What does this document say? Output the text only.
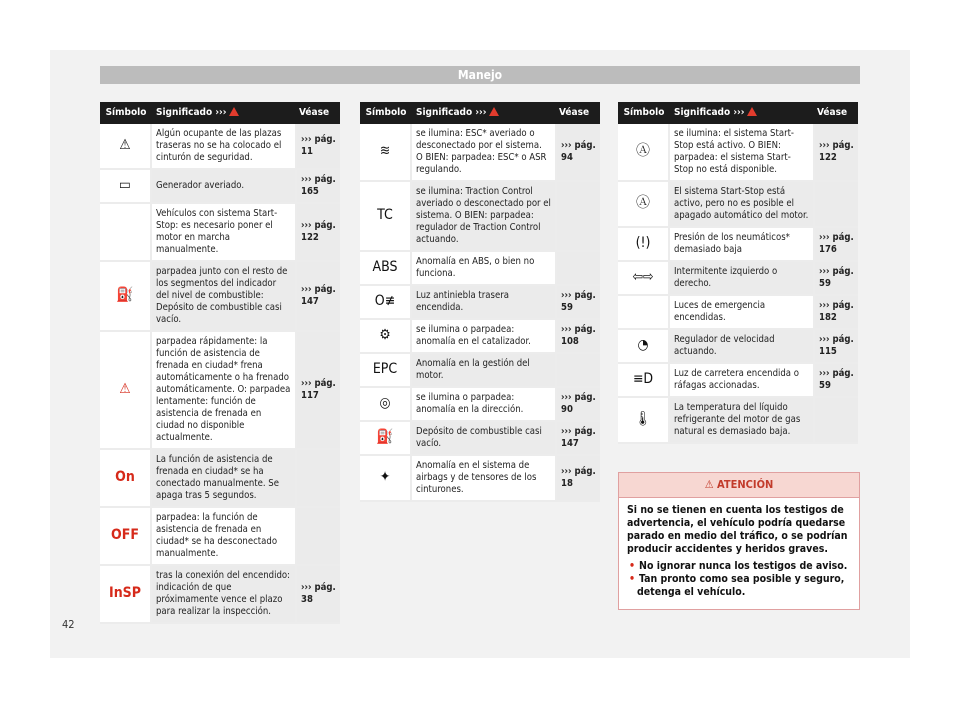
Manejo
Símbolo	Significado ›››	Véase
⚠	Algún ocupante de las plazas traseras no se ha colocado el cinturón de seguridad.	››› pág. 11
▭	Generador averiado.	››› pág. 165
	Vehículos con sistema Start-Stop: es necesario poner el motor en marcha manualmente.	››› pág. 122
⛽	parpadea junto con el resto de los segmentos del indicador del nivel de combustible: Depósito de combustible casi vacío.	››› pág. 147
⚠	parpadea rápidamente: la función de asistencia de frenada en ciudad* frena automáticamente o ha frenado automáticamente. O: parpadea lentamente: función de asistencia de frenada en ciudad no disponible actualmente.	››› pág. 117
On	La función de asistencia de frenada en ciudad* se ha conectado manualmente. Se apaga tras 5 segundos.	
OFF	parpadea: la función de asistencia de frenada en ciudad* se ha desconectado manualmente.	
InSP	tras la conexión del encendido: indicación de que próximamente vence el plazo para realizar la inspección.	››› pág. 38
Símbolo	Significado ›››	Véase
≋	se ilumina: ESC* averiado o desconectado por el sistema. O BIEN: parpadea: ESC* o ASR regulando.	››› pág. 94
TC	se ilumina: Traction Control averiado o desconectado por el sistema. O BIEN: parpadea: regulador de Traction Control actuando.	
ABS	Anomalía en ABS, o bien no funciona.	
O≢	Luz antiniebla trasera encendida.	››› pág. 59
⚙	se ilumina o parpadea: anomalía en el catalizador.	››› pág. 108
EPC	Anomalía en la gestión del motor.	
◎	se ilumina o parpadea: anomalía en la dirección.	››› pág. 90
⛽	Depósito de combustible casi vacío.	››› pág. 147
✦	Anomalía en el sistema de airbags y de tensores de los cinturones.	››› pág. 18
Símbolo	Significado ›››	Véase
Ⓐ	se ilumina: el sistema Start-Stop está activo. O BIEN: parpadea: el sistema Start-Stop no está disponible.	››› pág. 122
Ⓐ	El sistema Start-Stop está activo, pero no es posible el apagado automático del motor.	
(!)	Presión de los neumáticos* demasiado baja	››› pág. 176
⇦⇨	Intermitente izquierdo o derecho.	››› pág. 59
	Luces de emergencia encendidas.	››› pág. 182
◔	Regulador de velocidad actuando.	››› pág. 115
≡D	Luz de carretera encendida o ráfagas accionadas.	››› pág. 59
🌡	La temperatura del líquido refrigerante del motor de gas natural es demasiado baja.	
⚠ ATENCIÓN
Si no se tienen en cuenta los testigos de advertencia, el vehículo podría quedarse parado en medio del tráfico, o se podrían producir accidentes y heridos graves.
• No ignorar nunca los testigos de aviso.
• Tan pronto como sea posible y seguro, detenga el vehículo.
42
